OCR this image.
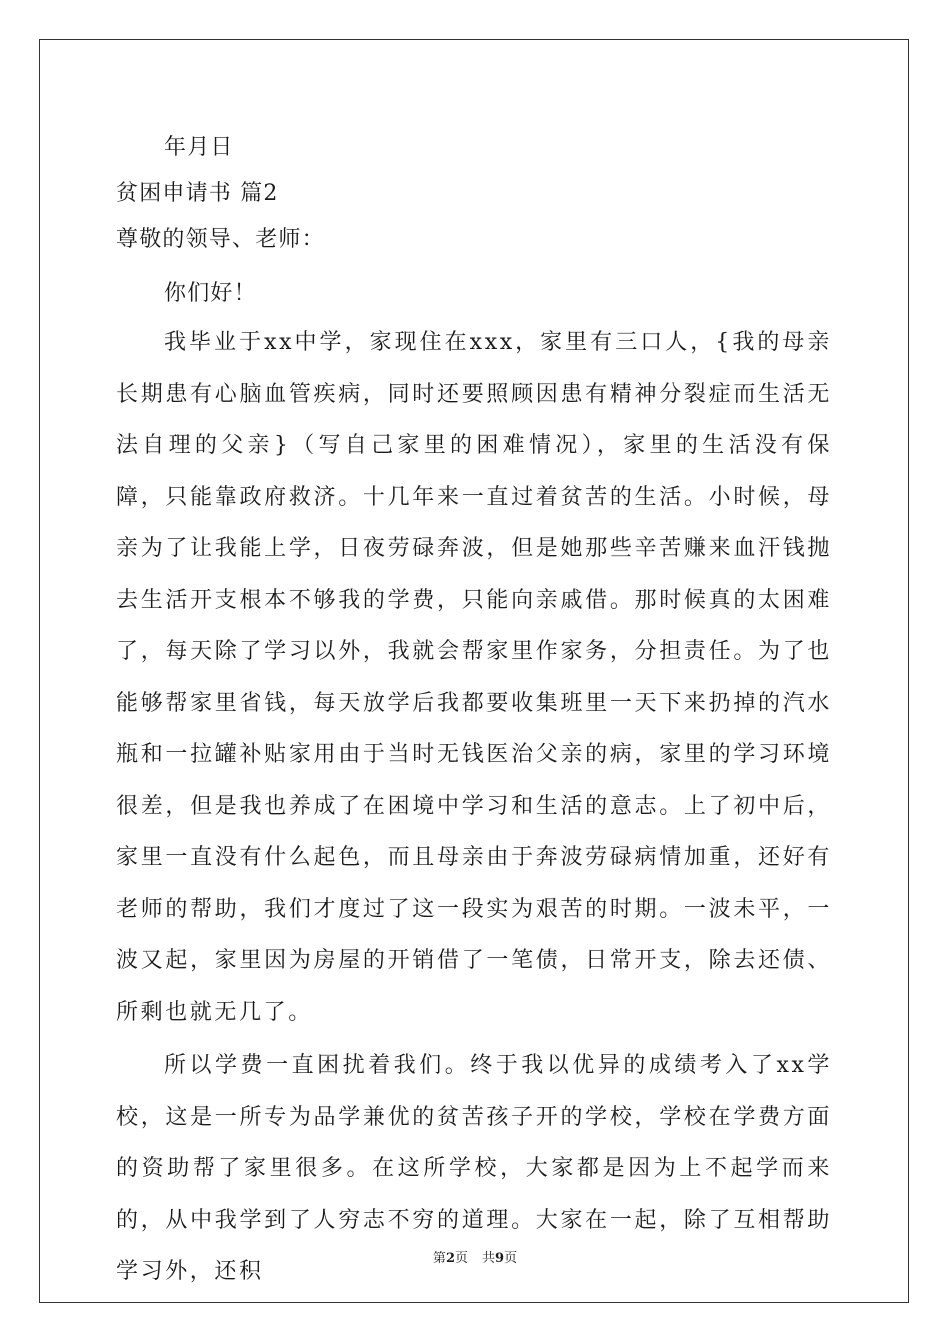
年月日
贫困申请书 篇2
尊敬的领导、老师：
你们好！

我毕业于xx中学，家现住在xxx，家里有三口人，{我的母亲长期患有心脑血管疾病，同时还要照顾因患有精神分裂症而生活无法自理的父亲}（写自己家里的困难情况），家里的生活没有保障，只能靠政府救济。十几年来一直过着贫苦的生活。小时候，母亲为了让我能上学，日夜劳碌奔波，但是她那些辛苦赚来血汗钱抛去生活开支根本不够我的学费，只能向亲戚借。那时候真的太困难了，每天除了学习以外，我就会帮家里作家务，分担责任。为了也能够帮家里省钱，每天放学后我都要收集班里一天下来扔掉的汽水瓶和一拉罐补贴家用由于当时无钱医治父亲的病，家里的学习环境很差，但是我也养成了在困境中学习和生活的意志。上了初中后，家里一直没有什么起色，而且母亲由于奔波劳碌病情加重，还好有老师的帮助，我们才度过了这一段实为艰苦的时期。一波未平，一波又起，家里因为房屋的开销借了一笔债，日常开支，除去还债、所剩也就无几了。

所以学费一直困扰着我们。终于我以优异的成绩考入了xx学校，这是一所专为品学兼优的贫苦孩子开的学校，学校在学费方面的资助帮了家里很多。在这所学校，大家都是因为上不起学而来的，从中我学到了人穷志不穷的道理。大家在一起，除了互相帮助学习外，还积

第2页 共9页
